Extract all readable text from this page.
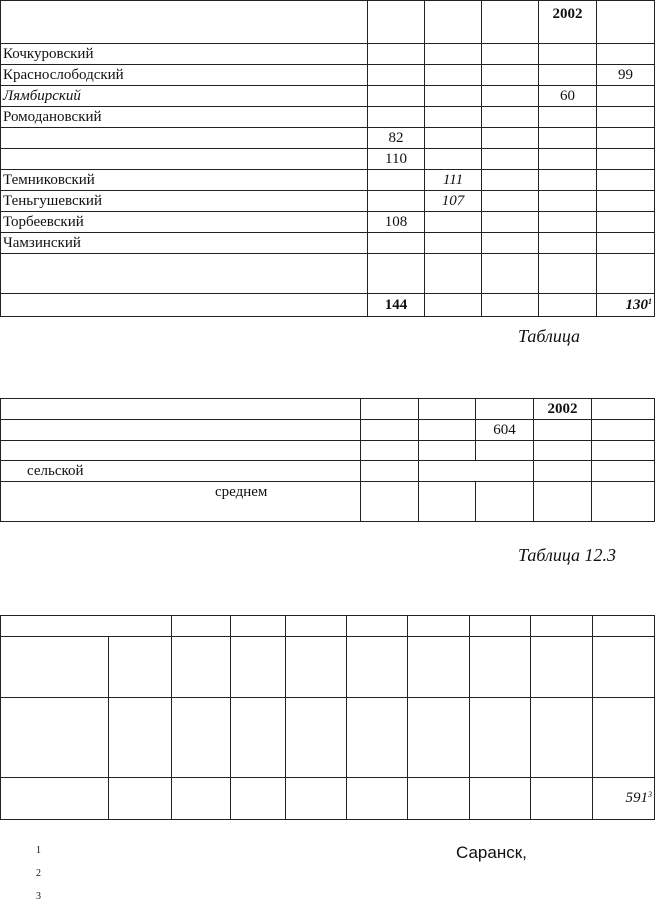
				2002	
Кочкуровский					
Краснослободский					99
Лямбирский				60	
Ромодановский					
	82				
	110				
Темниковский		111			
Теньгушевский		107			
Торбеевский	108				
Чамзинский					

	144				$130^1$
Таблица
				2002	
			604		

сельской					
среднем					
Таблица 12.3

									$591^3$
1
2
3
Саранск,
